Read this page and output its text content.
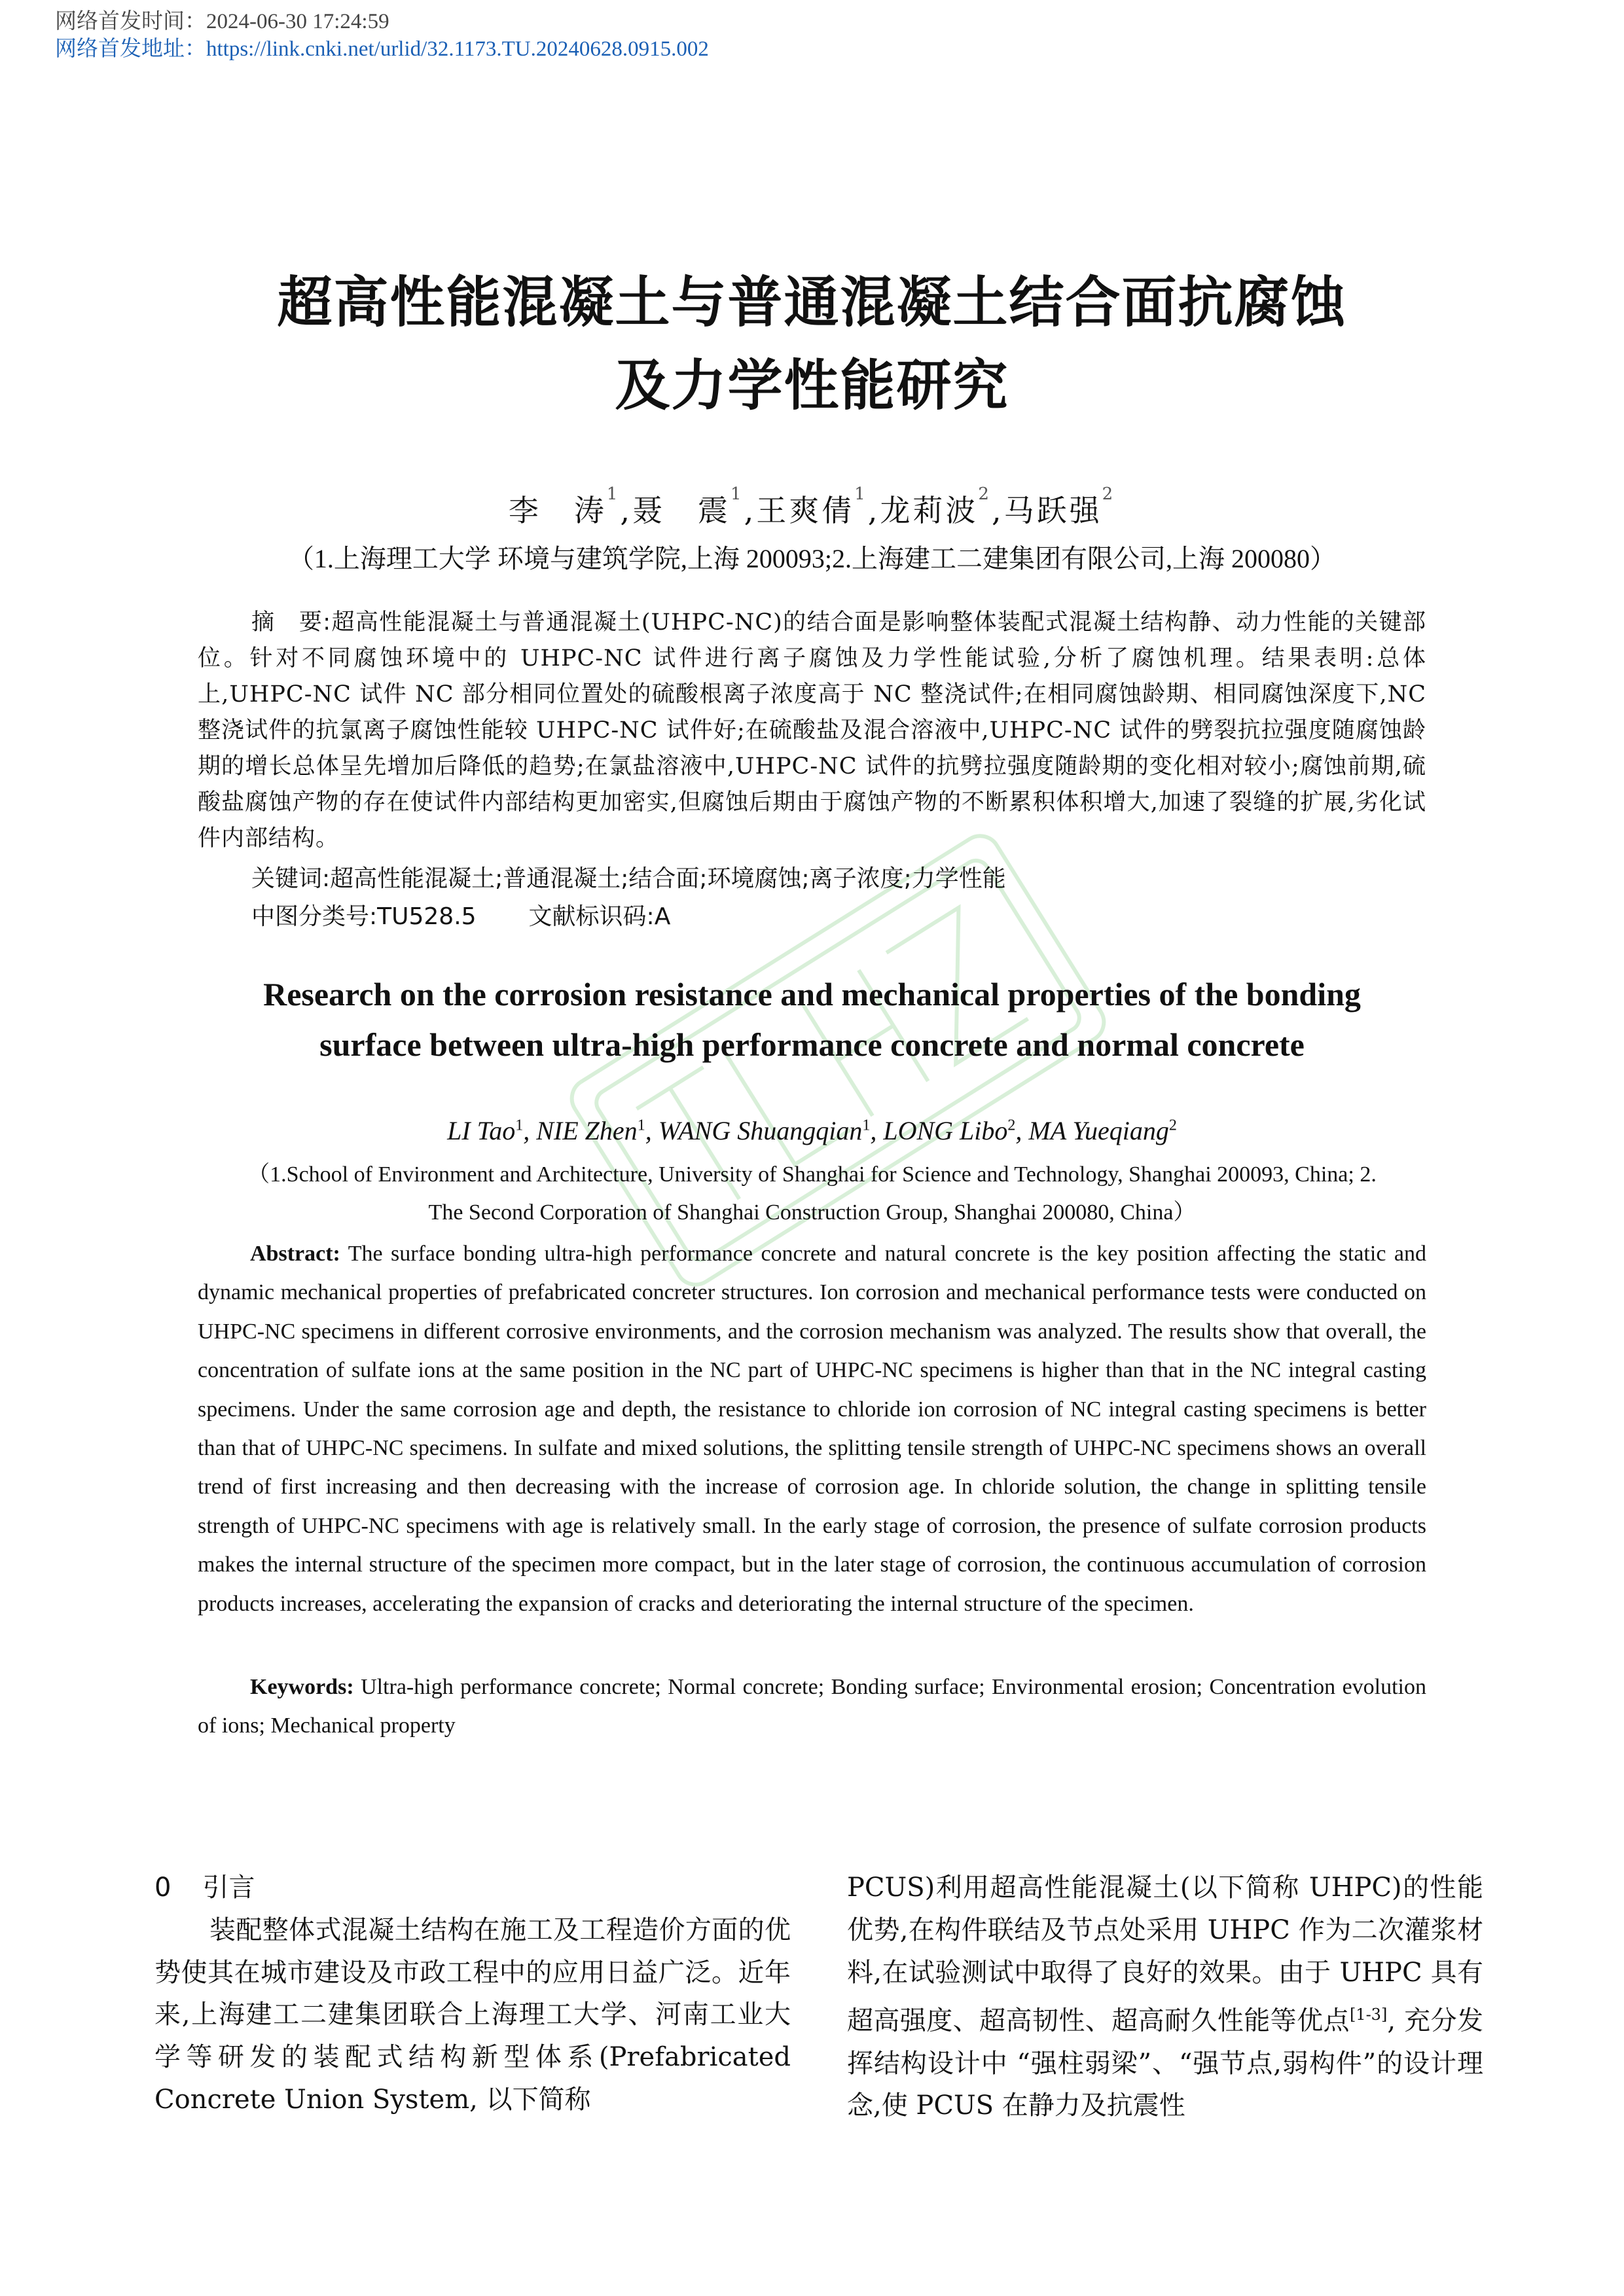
网络首发时间：2024-06-30 17:24:59
网络首发地址：https://link.cnki.net/urlid/32.1173.TU.20240628.0915.002
超高性能混凝土与普通混凝土结合面抗腐蚀
及力学性能研究
李　涛$^1$,聂　震$^1$,王爽倩$^1$,龙莉波$^2$,马跃强$^2$
（1.上海理工大学 环境与建筑学院,上海 200093;2.上海建工二建集团有限公司,上海 200080）
摘　要:超高性能混凝土与普通混凝土(UHPC-NC)的结合面是影响整体装配式混凝土结构静、动力性能的关键部位。针对不同腐蚀环境中的 UHPC-NC 试件进行离子腐蚀及力学性能试验,分析了腐蚀机理。结果表明:总体上,UHPC-NC 试件 NC 部分相同位置处的硫酸根离子浓度高于 NC 整浇试件;在相同腐蚀龄期、相同腐蚀深度下,NC 整浇试件的抗氯离子腐蚀性能较 UHPC-NC 试件好;在硫酸盐及混合溶液中,UHPC-NC 试件的劈裂抗拉强度随腐蚀龄期的增长总体呈先增加后降低的趋势;在氯盐溶液中,UHPC-NC 试件的抗劈拉强度随龄期的变化相对较小;腐蚀前期,硫酸盐腐蚀产物的存在使试件内部结构更加密实,但腐蚀后期由于腐蚀产物的不断累积体积增大,加速了裂缝的扩展,劣化试件内部结构。
关键词:超高性能混凝土;普通混凝土;结合面;环境腐蚀;离子浓度;力学性能
中图分类号:TU528.5 文献标识码:A
Research on the corrosion resistance and mechanical properties of the bonding
surface between ultra-high performance concrete and normal concrete
LI Tao$^1$, NIE Zhen$^1$, WANG Shuangqian$^1$, LONG Libo$^2$, MA Yueqiang$^2$
（1.School of Environment and Architecture, University of Shanghai for Science and Technology, Shanghai 200093, China; 2.
The Second Corporation of Shanghai Construction Group, Shanghai 200080, China）
Abstract: The surface bonding ultra-high performance concrete and natural concrete is the key position affecting the static and dynamic mechanical properties of prefabricated concreter structures. Ion corrosion and mechanical performance tests were conducted on UHPC-NC specimens in different corrosive environments, and the corrosion mechanism was analyzed. The results show that overall, the concentration of sulfate ions at the same position in the NC part of UHPC-NC specimens is higher than that in the NC integral casting specimens. Under the same corrosion age and depth, the resistance to chloride ion corrosion of NC integral casting specimens is better than that of UHPC-NC specimens. In sulfate and mixed solutions, the splitting tensile strength of UHPC-NC specimens shows an overall trend of first increasing and then decreasing with the increase of corrosion age. In chloride solution, the change in splitting tensile strength of UHPC-NC specimens with age is relatively small. In the early stage of corrosion, the presence of sulfate corrosion products makes the internal structure of the specimen more compact, but in the later stage of corrosion, the continuous accumulation of corrosion products increases, accelerating the expansion of cracks and deteriorating the internal structure of the specimen.
Keywords: Ultra-high performance concrete; Normal concrete; Bonding surface; Environmental erosion; Concentration evolution of ions; Mechanical property

0 引言

装配整体式混凝土结构在施工及工程造价方面的优势使其在城市建设及市政工程中的应用日益广泛。近年来,上海建工二建集团联合上海理工大学、河南工业大学等研发的装配式结构新型体系(Prefabricated Concrete Union System, 以下简称

PCUS)利用超高性能混凝土(以下简称 UHPC)的性能优势,在构件联结及节点处采用 UHPC 作为二次灌浆材料,在试验测试中取得了良好的效果。由于 UHPC 具有超高强度、超高韧性、超高耐久性能等优点[1-3], 充分发挥结构设计中 “强柱弱梁”、“强节点,弱构件”的设计理念,使 PCUS 在静力及抗震性
